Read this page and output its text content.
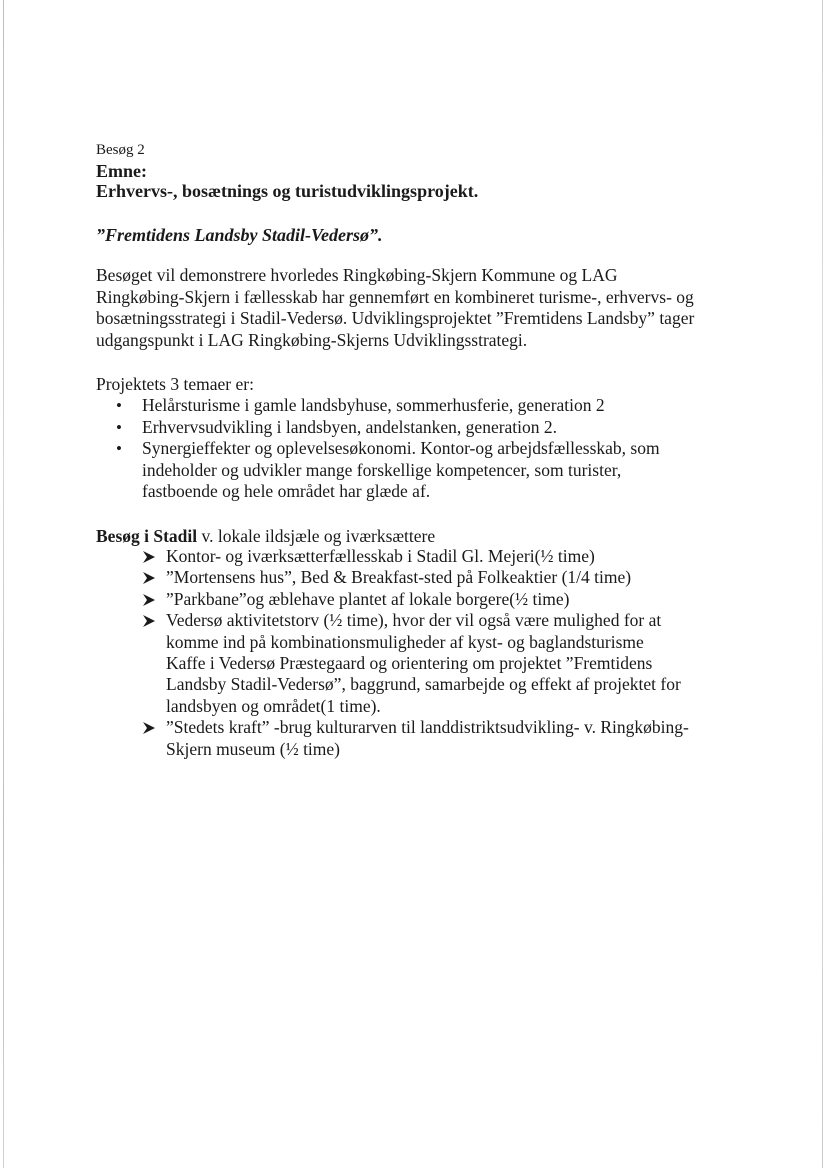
Besøg 2
Emne:
Erhvervs-, bosætnings og turistudviklingsprojekt.
”Fremtidens Landsby Stadil-Vedersø”.
Besøget vil demonstrere hvorledes Ringkøbing-Skjern Kommune og LAG
Ringkøbing-Skjern i fællesskab har gennemført en kombineret turisme-, erhvervs- og
bosætningsstrategi i Stadil-Vedersø. Udviklingsprojektet ”Fremtidens Landsby” tager
udgangspunkt i LAG Ringkøbing-Skjerns Udviklingsstrategi.
Projektets 3 temaer er:
• Helårsturisme i gamle landsbyhuse, sommerhusferie, generation 2
• Erhvervsudvikling i landsbyen, andelstanken, generation 2.
• Synergieffekter og oplevelsesøkonomi. Kontor-og arbejdsfællesskab, som
indeholder og udvikler mange forskellige kompetencer, som turister,
fastboende og hele området har glæde af.
Besøg i Stadil v. lokale ildsjæle og iværksættere
Kontor- og iværksætterfællesskab i Stadil Gl. Mejeri(½ time)
”Mortensens hus”, Bed & Breakfast-sted på Folkeaktier (1/4 time)
”Parkbane”og æblehave plantet af lokale borgere(½ time)
Vedersø aktivitetstorv (½ time), hvor der vil også være mulighed for at
komme ind på kombinationsmuligheder af kyst- og baglandsturisme
Kaffe i Vedersø Præstegaard og orientering om projektet ”Fremtidens
Landsby Stadil-Vedersø”, baggrund, samarbejde og effekt af projektet for
landsbyen og området(1 time).
”Stedets kraft” -brug kulturarven til landdistriktsudvikling- v. Ringkøbing-
Skjern museum (½ time)
